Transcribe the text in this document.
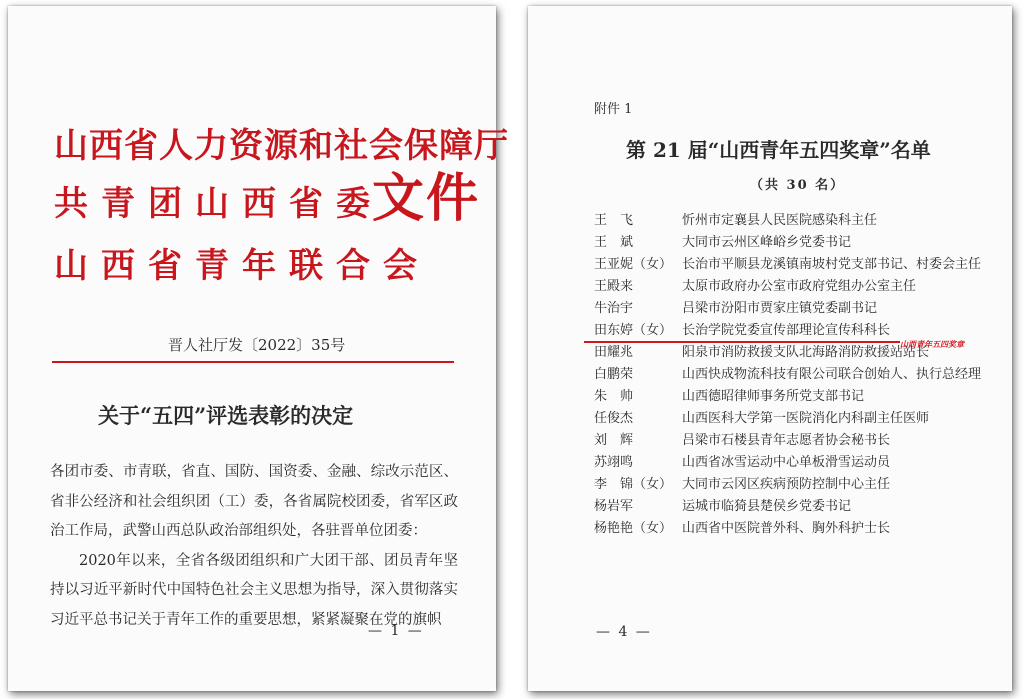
山西省人力资源和社会保障厅
共青团山西省委
山西省青年联合会
文件
晋人社厅发〔2022〕35号
关于“五四”评选表彰的决定

各团市委、市青联，省直、国防、国资委、金融、综改示范区、省非公经济和社会组织团（工）委，各省属院校团委，省军区政治工作局，武警山西总队政治部组织处，各驻晋单位团委：

2020年以来，全省各级团组织和广大团干部、团员青年坚持以习近平新时代中国特色社会主义思想为指导，深入贯彻落实习近平总书记关于青年工作的重要思想，紧紧凝聚在党的旗帜

— 1 —
附件 1
第 21 届“山西青年五四奖章”名单
（共 30 名）
王　飞	忻州市定襄县人民医院感染科主任
王　斌	大同市云州区峰峪乡党委书记
王亚妮（女） 长治市平顺县龙溪镇南坡村党支部书记、村委会主任
王殿来	太原市政府办公室市政府党组办公室主任
牛治宇	吕梁市汾阳市贾家庄镇党委副书记
田东婷（女） 长治学院党委宣传部理论宣传科科长
山西青年五四奖章
田耀兆	阳泉市消防救援支队北海路消防救援站站长
白鹏荣	山西快成物流科技有限公司联合创始人、执行总经理
朱　帅	山西德昭律师事务所党支部书记
任俊杰	山西医科大学第一医院消化内科副主任医师
刘　辉	吕梁市石楼县青年志愿者协会秘书长
苏翊鸣	山西省冰雪运动中心单板滑雪运动员
李　锦（女） 大同市云冈区疾病预防控制中心主任
杨岩军	运城市临猗县楚侯乡党委书记
杨艳艳（女） 山西省中医院普外科、胸外科护士长
— 4 —
